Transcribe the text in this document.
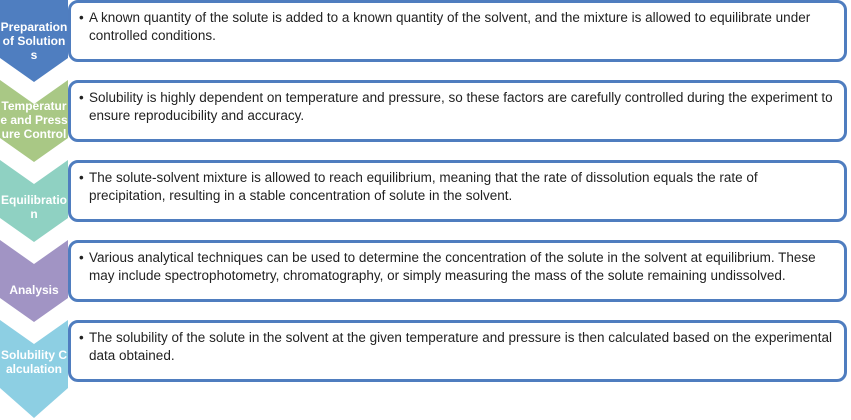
Preparation of Solutions
• A known quantity of the solute is added to a known quantity of the solvent, and the mixture is allowed to equilibrate under controlled conditions.
Temperature and Pressure Control
• Solubility is highly dependent on temperature and pressure, so these factors are carefully controlled during the experiment to ensure reproducibility and accuracy.
Equilibration
• The solute-solvent mixture is allowed to reach equilibrium, meaning that the rate of dissolution equals the rate of precipitation, resulting in a stable concentration of solute in the solvent.
Analysis
• Various analytical techniques can be used to determine the concentration of the solute in the solvent at equilibrium. These may include spectrophotometry, chromatography, or simply measuring the mass of the solute remaining undissolved.
Solubility Calculation
• The solubility of the solute in the solvent at the given temperature and pressure is then calculated based on the experimental data obtained.
